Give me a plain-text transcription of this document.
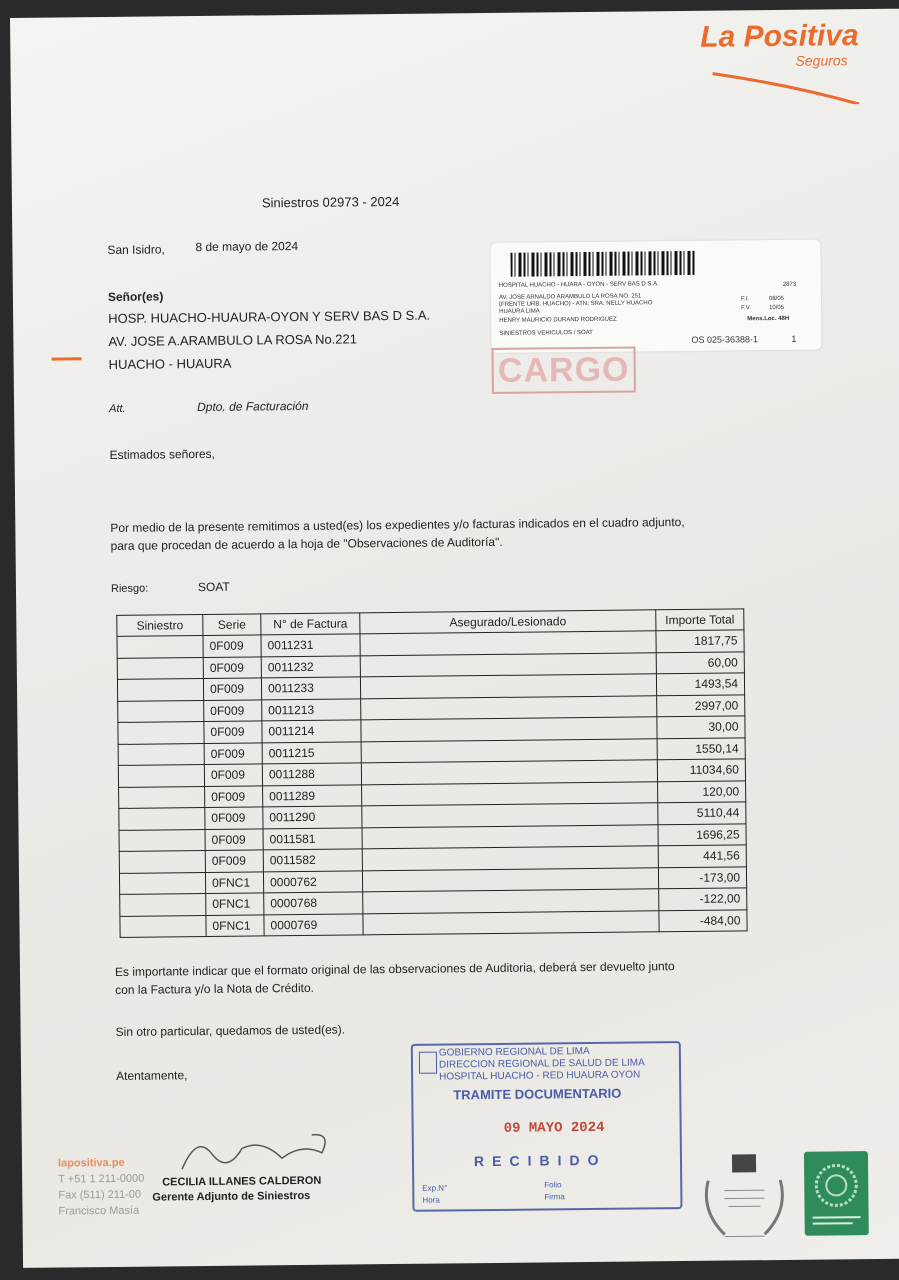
La Positiva
Seguros
Siniestros 02973 - 2024
San Isidro,	8 de mayo de 2024
Señor(es)
HOSP. HUACHO-HUAURA-OYON Y SERV BAS D S.A.
AV. JOSE A.ARAMBULO LA ROSA No.221
HUACHO - HUAURA
Att.	Dpto. de Facturación
Estimados señores,
Por medio de la presente remitimos a usted(es) los expedientes y/o facturas indicados en el cuadro adjunto,
para que procedan de acuerdo a la hoja de "Observaciones de Auditoría".
Riesgo:	SOAT
HOSPITAL HUACHO - HUARA - OYON - SERV BAS D S.A.	2873
AV. JOSE ARNALDO ARAMBULO LA ROSA NO. 251
(FRENTE URB. HUACHO) - ATN: SRA. NELLY HUACHO
HUAURA LIMA
HENRY MAURICIO DURAND RODRIGUEZ
SINIESTROS VEHICULOS / SOAT
F.I.	08/05
F.V.	10/05
Mens.Loc. 48H
OS 025-36388-1	1
CARGO
Siniestro	Serie	N° de Factura	Asegurado/Lesionado	Importe Total
	0F009	0011231		1817,75
	0F009	0011232		60,00
	0F009	0011233		1493,54
	0F009	0011213		2997,00
	0F009	0011214		30,00
	0F009	0011215		1550,14
	0F009	0011288		11034,60
	0F009	0011289		120,00
	0F009	0011290		5110,44
	0F009	0011581		1696,25
	0F009	0011582		441,56
	0FNC1	0000762		-173,00
	0FNC1	0000768		-122,00
	0FNC1	0000769		-484,00
Es importante indicar que el formato original de las observaciones de Auditoria, deberá ser devuelto junto
con la Factura y/o la Nota de Crédito.
Sin otro particular, quedamos de usted(es).
Atentamente,
CECILIA ILLANES CALDERON
Gerente Adjunto de Siniestros
lapositiva.pe
T +51 1 211-0000
Fax (511) 211-00
Francisco Masía
GOBIERNO REGIONAL DE LIMA
DIRECCION REGIONAL DE SALUD DE LIMA
HOSPITAL HUACHO - RED HUAURA OYON
TRAMITE DOCUMENTARIO
09 MAYO 2024
RECIBIDO
Exp.N°	Folio
Hora	Firma
